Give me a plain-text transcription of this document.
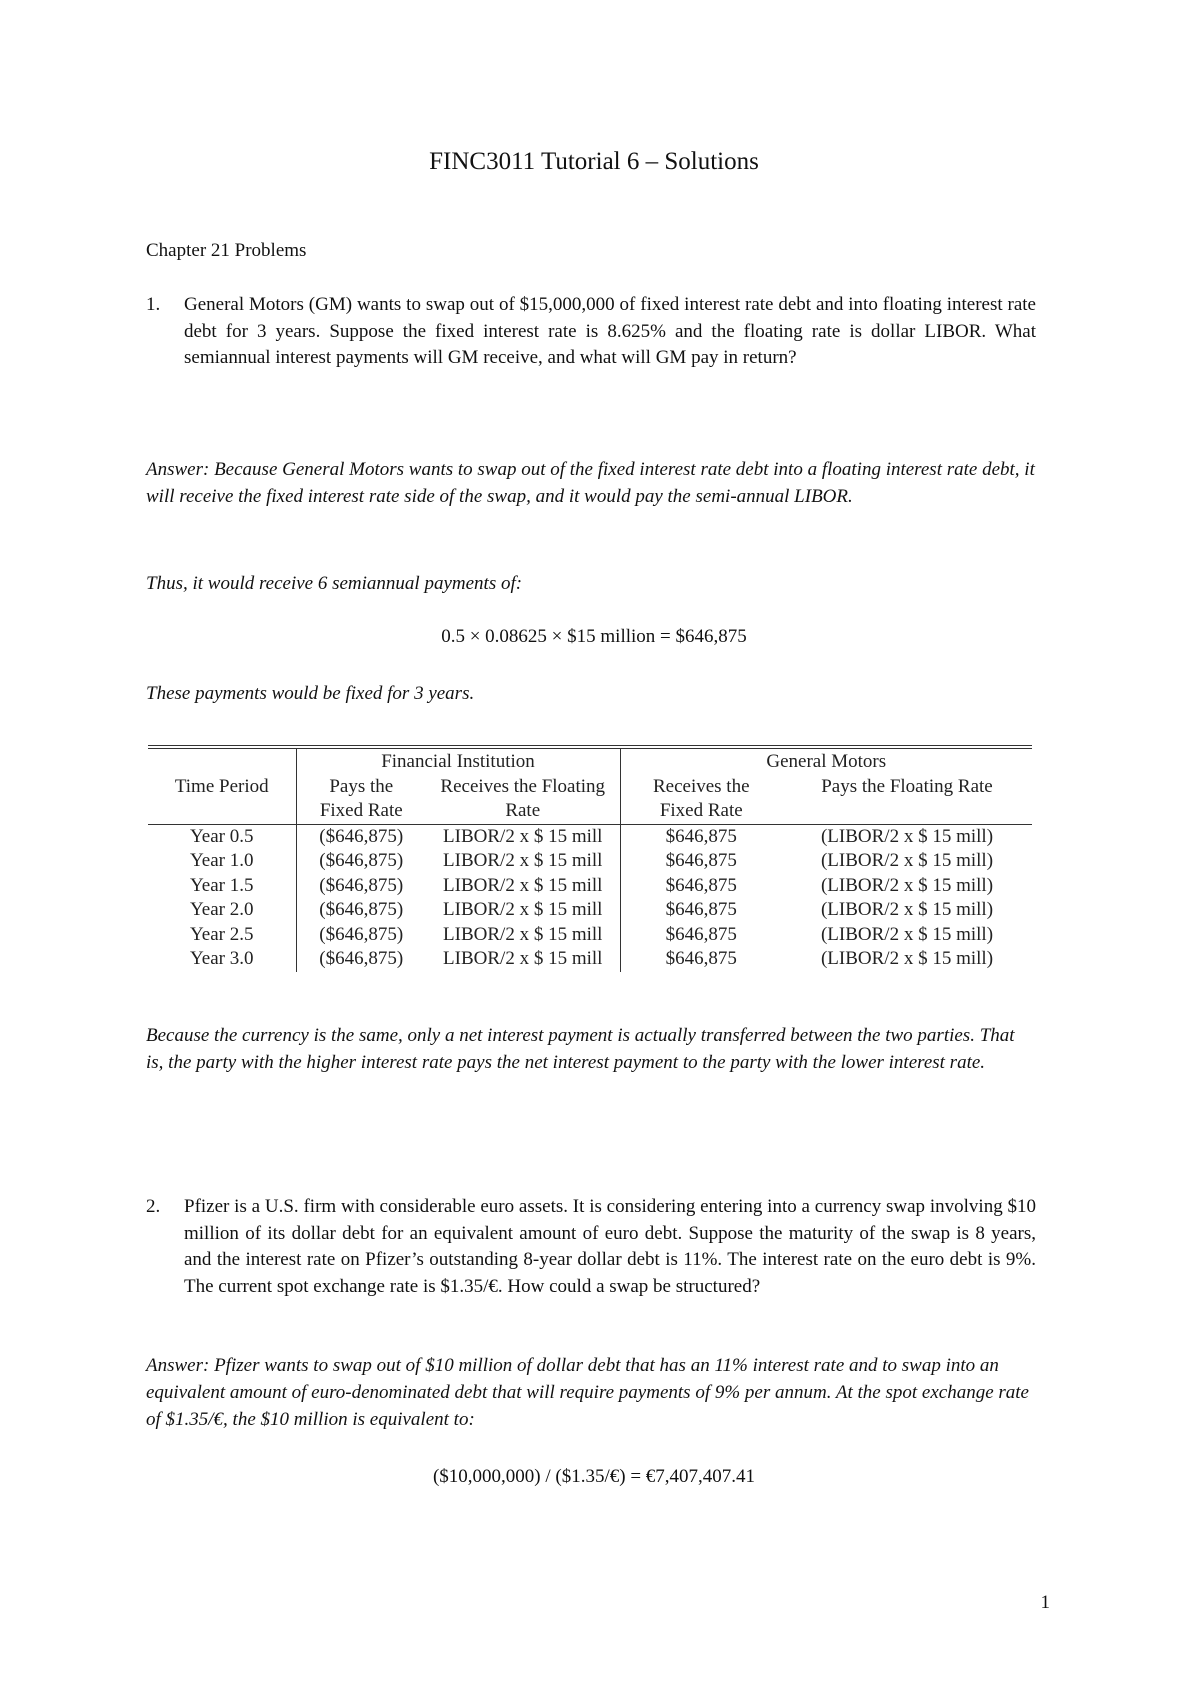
FINC3011 Tutorial 6 – Solutions
Chapter 21 Problems
1. General Motors (GM) wants to swap out of $15,000,000 of fixed interest rate debt and into floating interest rate debt for 3 years. Suppose the fixed interest rate is 8.625% and the floating rate is dollar LIBOR. What semiannual interest payments will GM receive, and what will GM pay in return?
Answer: Because General Motors wants to swap out of the fixed interest rate debt into a floating interest rate debt, it will receive the fixed interest rate side of the swap, and it would pay the semi-annual LIBOR.
Thus, it would receive 6 semiannual payments of:
0.5 × 0.08625 × $15 million = $646,875
These payments would be fixed for 3 years.
	Financial Institution		General Motors	
Time Period	Pays the	Receives the Floating	Receives the	Pays the Floating Rate
	Fixed Rate	Rate	Fixed Rate	
Year 0.5	($646,875)	LIBOR/2 x $ 15 mill	$646,875	(LIBOR/2 x $ 15 mill)
Year 1.0	($646,875)	LIBOR/2 x $ 15 mill	$646,875	(LIBOR/2 x $ 15 mill)
Year 1.5	($646,875)	LIBOR/2 x $ 15 mill	$646,875	(LIBOR/2 x $ 15 mill)
Year 2.0	($646,875)	LIBOR/2 x $ 15 mill	$646,875	(LIBOR/2 x $ 15 mill)
Year 2.5	($646,875)	LIBOR/2 x $ 15 mill	$646,875	(LIBOR/2 x $ 15 mill)
Year 3.0	($646,875)	LIBOR/2 x $ 15 mill	$646,875	(LIBOR/2 x $ 15 mill)
Because the currency is the same, only a net interest payment is actually transferred between the two parties. That is, the party with the higher interest rate pays the net interest payment to the party with the lower interest rate.
2. Pfizer is a U.S. firm with considerable euro assets. It is considering entering into a currency swap involving $10 million of its dollar debt for an equivalent amount of euro debt. Suppose the maturity of the swap is 8 years, and the interest rate on Pfizer’s outstanding 8-year dollar debt is 11%. The interest rate on the euro debt is 9%. The current spot exchange rate is $1.35/€. How could a swap be structured?
Answer: Pfizer wants to swap out of $10 million of dollar debt that has an 11% interest rate and to swap into an equivalent amount of euro-denominated debt that will require payments of 9% per annum. At the spot exchange rate of $1.35/€, the $10 million is equivalent to:
($10,000,000) / ($1.35/€) = €7,407,407.41
1
